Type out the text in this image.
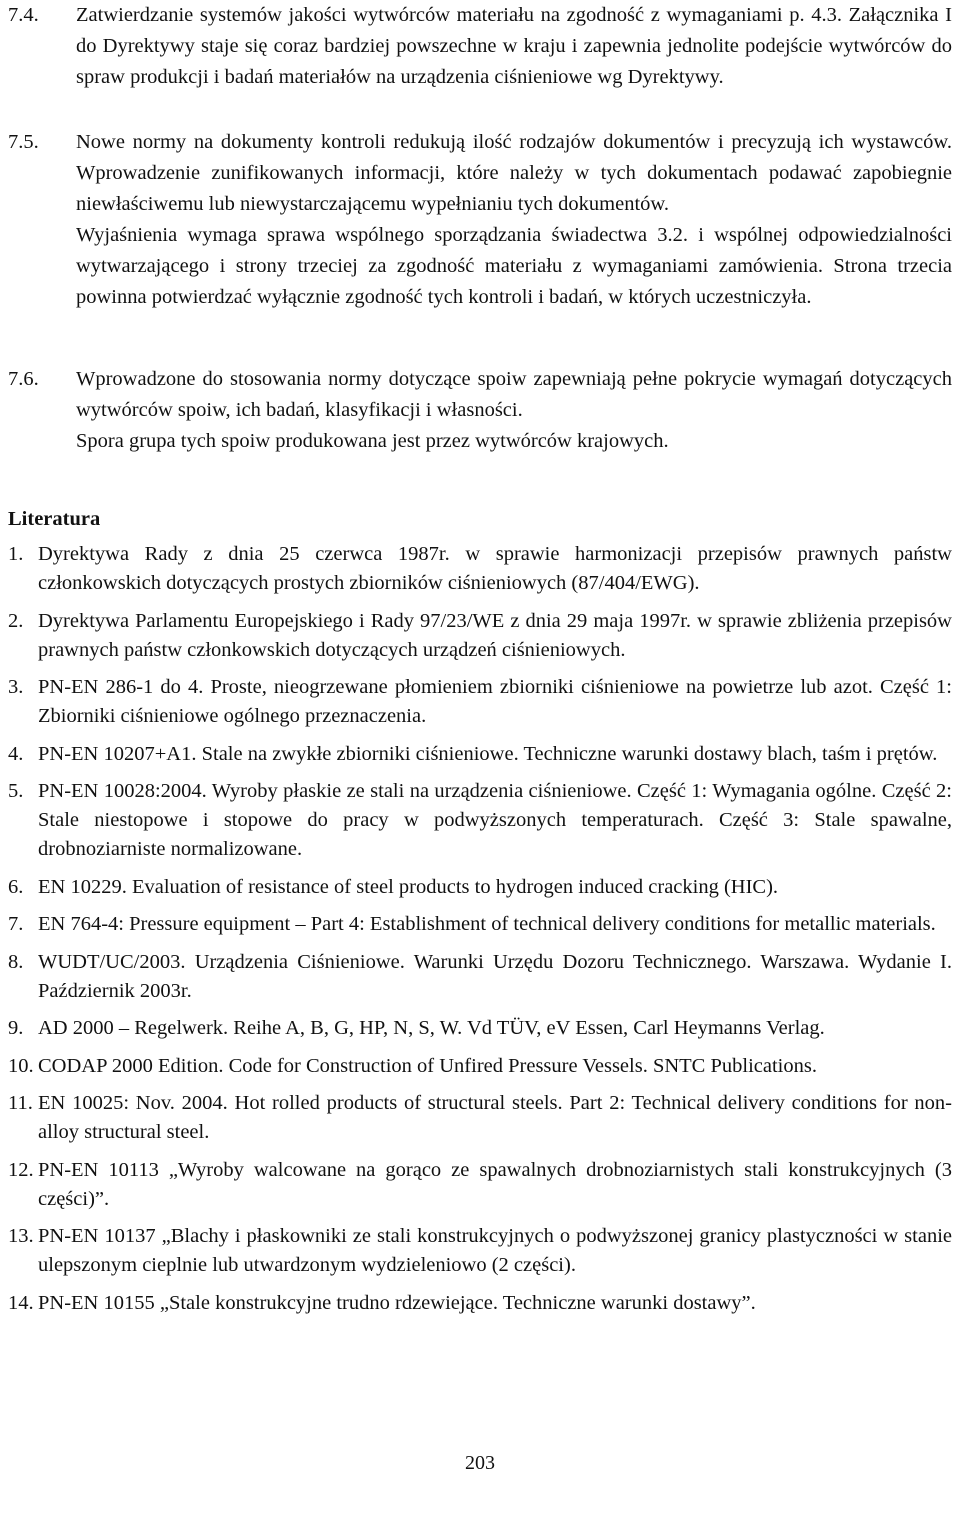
7.4. Zatwierdzanie systemów jakości wytwórców materiału na zgodność z wymaganiami p. 4.3. Załącznika I do Dyrektywy staje się coraz bardziej powszechne w kraju i zapewnia jednolite podejście wytwórców do spraw produkcji i badań materiałów na urządzenia ciśnieniowe wg Dyrektywy.

7.5. Nowe normy na dokumenty kontroli redukują ilość rodzajów dokumentów i precyzują ich wystawców. Wprowadzenie zunifikowanych informacji, które należy w tych dokumentach podawać zapobiegnie niewłaściwemu lub niewystarczającemu wypełnianiu tych dokumentów.

Wyjaśnienia wymaga sprawa wspólnego sporządzania świadectwa 3.2. i wspólnej odpowiedzialności wytwarzającego i strony trzeciej za zgodność materiału z wymaganiami zamówienia. Strona trzecia powinna potwierdzać wyłącznie zgodność tych kontroli i badań, w których uczestniczyła.

7.6. Wprowadzone do stosowania normy dotyczące spoiw zapewniają pełne pokrycie wymagań dotyczących wytwórców spoiw, ich badań, klasyfikacji i własności.

Spora grupa tych spoiw produkowana jest przez wytwórców krajowych.

Literatura
1. Dyrektywa Rady z dnia 25 czerwca 1987r. w sprawie harmonizacji przepisów prawnych państw członkowskich dotyczących prostych zbiorników ciśnieniowych (87/404/EWG).
2. Dyrektywa Parlamentu Europejskiego i Rady 97/23/WE z dnia 29 maja 1997r. w sprawie zbliżenia przepisów prawnych państw członkowskich dotyczących urządzeń ciśnieniowych.
3. PN-EN 286-1 do 4. Proste, nieogrzewane płomieniem zbiorniki ciśnieniowe na powietrze lub azot. Część 1: Zbiorniki ciśnieniowe ogólnego przeznaczenia.
4. PN-EN 10207+A1. Stale na zwykłe zbiorniki ciśnieniowe. Techniczne warunki dostawy blach, taśm i prętów.
5. PN-EN 10028:2004. Wyroby płaskie ze stali na urządzenia ciśnieniowe. Część 1: Wymagania ogólne. Część 2: Stale niestopowe i stopowe do pracy w podwyższonych temperaturach. Część 3: Stale spawalne, drobnoziarniste normalizowane.
6. EN 10229. Evaluation of resistance of steel products to hydrogen induced cracking (HIC).
7. EN 764-4: Pressure equipment – Part 4: Establishment of technical delivery conditions for metallic materials.
8. WUDT/UC/2003. Urządzenia Ciśnieniowe. Warunki Urzędu Dozoru Technicznego. Warszawa. Wydanie I. Październik 2003r.
9. AD 2000 – Regelwerk. Reihe A, B, G, HP, N, S, W. Vd TÜV, eV Essen, Carl Heymanns Verlag.
10. CODAP 2000 Edition. Code for Construction of Unfired Pressure Vessels. SNTC Publications.
11. EN 10025: Nov. 2004. Hot rolled products of structural steels. Part 2: Technical delivery conditions for non-alloy structural steel.
12. PN-EN 10113 „Wyroby walcowane na gorąco ze spawalnych drobnoziarnistych stali konstrukcyjnych (3 części)”.
13. PN-EN 10137 „Blachy i płaskowniki ze stali konstrukcyjnych o podwyższonej granicy plastyczności w stanie ulepszonym cieplnie lub utwardzonym wydzieleniowo (2 części).
14. PN-EN 10155 „Stale konstrukcyjne trudno rdzewiejące. Techniczne warunki dostawy”.
203
